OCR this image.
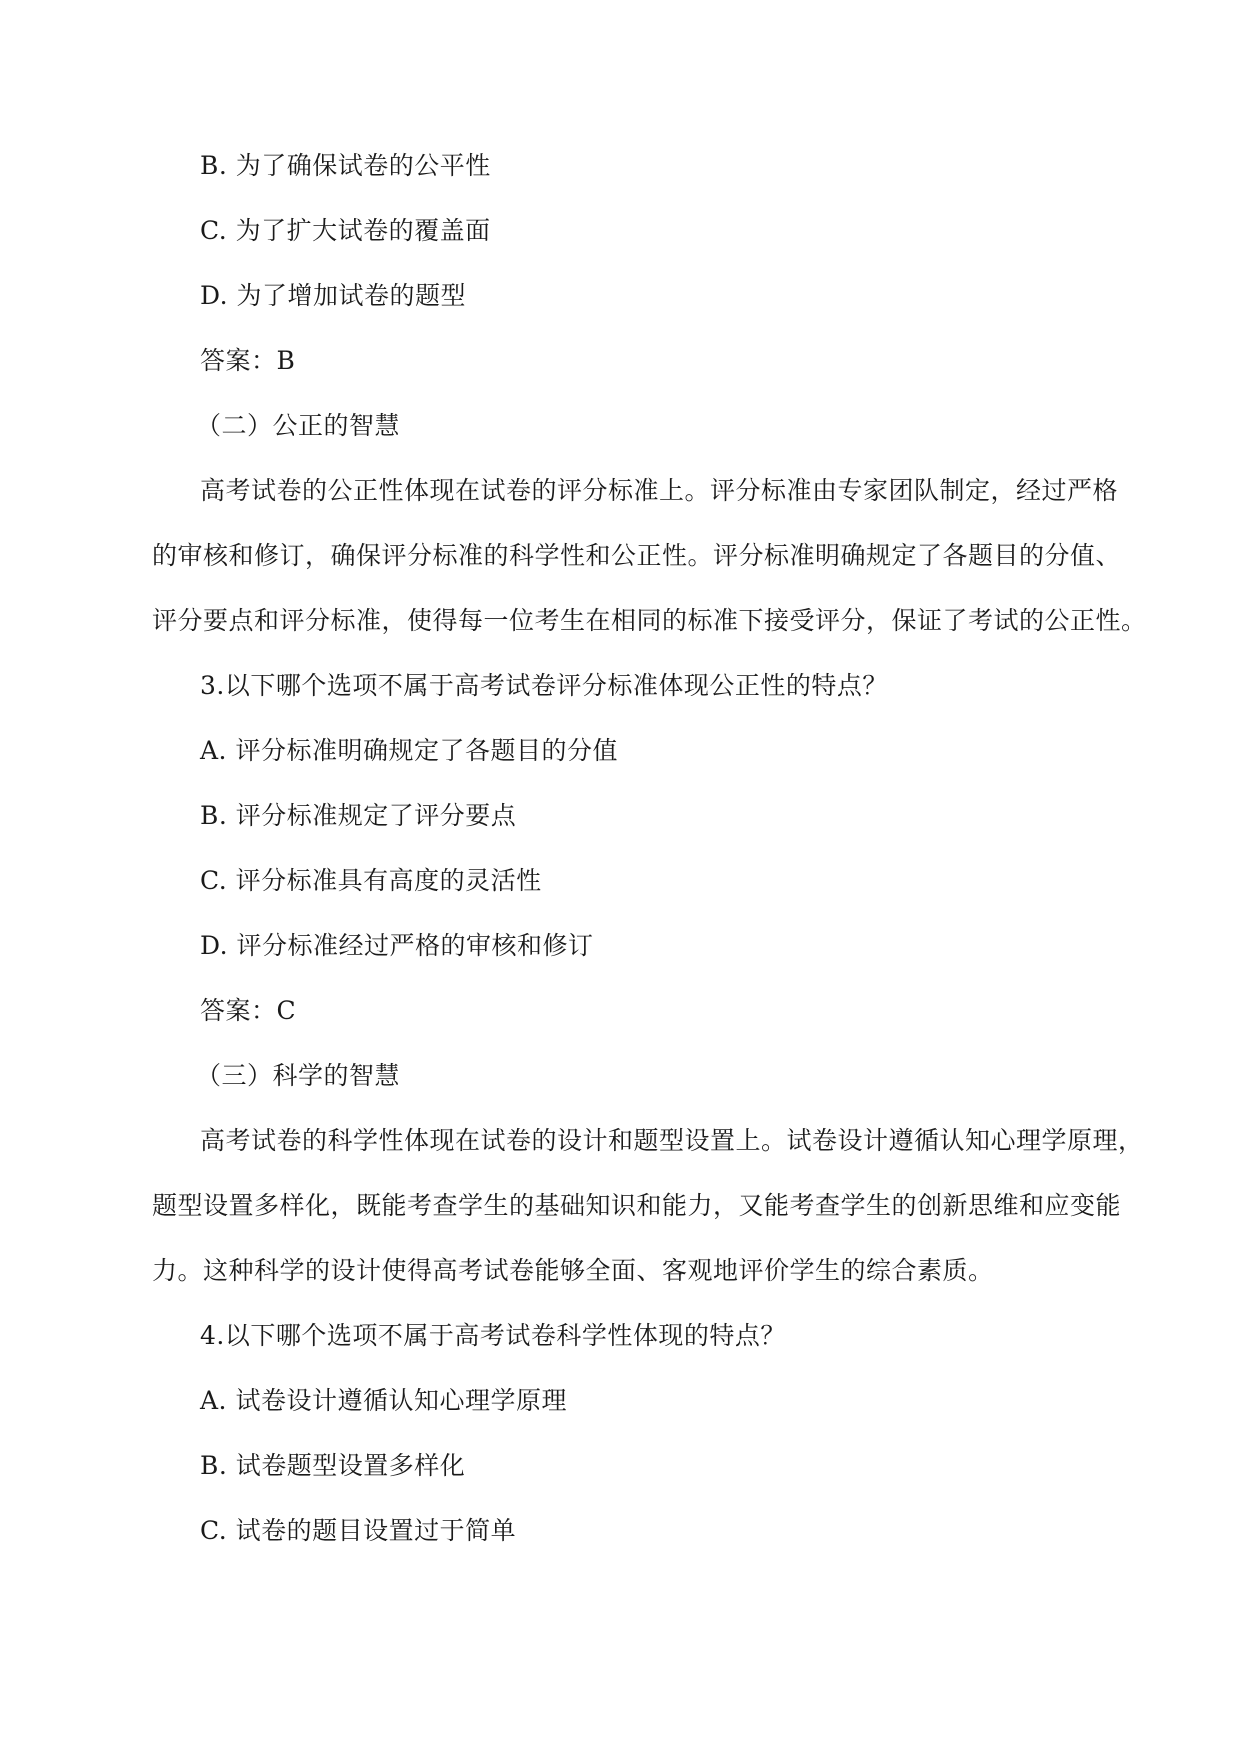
B. 为了确保试卷的公平性
C. 为了扩大试卷的覆盖面
D. 为了增加试卷的题型
答案：B
（二）公正的智慧
高考试卷的公正性体现在试卷的评分标准上。评分标准由专家团队制定，经过严格
的审核和修订，确保评分标准的科学性和公正性。评分标准明确规定了各题目的分值、
评分要点和评分标准，使得每一位考生在相同的标准下接受评分，保证了考试的公正性。
3.以下哪个选项不属于高考试卷评分标准体现公正性的特点？
A. 评分标准明确规定了各题目的分值
B. 评分标准规定了评分要点
C. 评分标准具有高度的灵活性
D. 评分标准经过严格的审核和修订
答案：C
（三）科学的智慧
高考试卷的科学性体现在试卷的设计和题型设置上。试卷设计遵循认知心理学原理，
题型设置多样化，既能考查学生的基础知识和能力，又能考查学生的创新思维和应变能
力。这种科学的设计使得高考试卷能够全面、客观地评价学生的综合素质。
4.以下哪个选项不属于高考试卷科学性体现的特点？
A. 试卷设计遵循认知心理学原理
B. 试卷题型设置多样化
C. 试卷的题目设置过于简单
